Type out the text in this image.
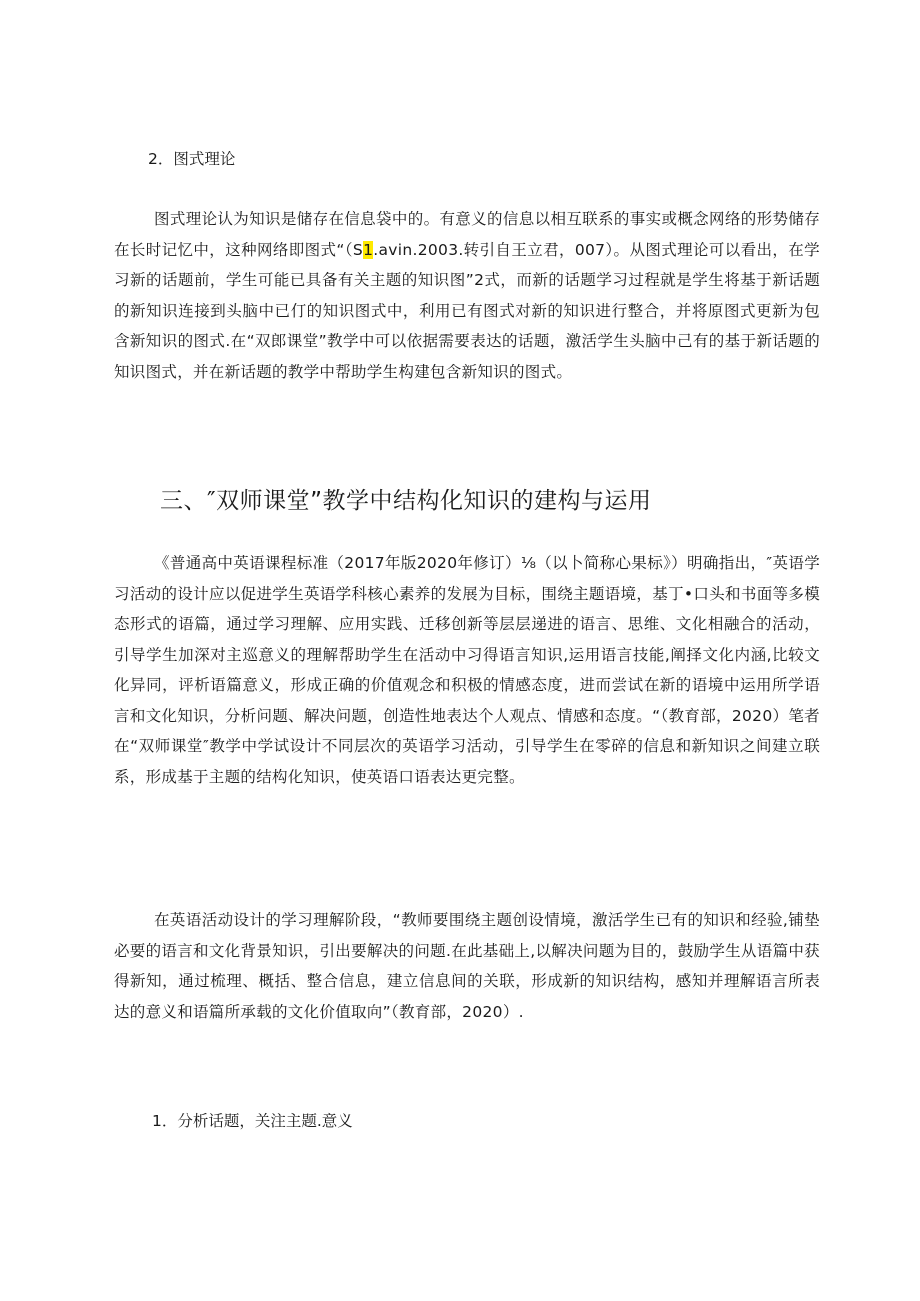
2．图式理论

图式理论认为知识是储存在信息袋中的。有意义的信息以相互联系的事实或概念网络的形势储存在长时记忆中，这种网络即图式“（S1.avin.2003.转引自王立君，007）。从图式理论可以看出，在学习新的话题前，学生可能已具备有关主题的知识图”2式，而新的话题学习过程就是学生将基于新话题的新知识连接到头脑中已仃的知识图式中，利用已有图式对新的知识进行整合，并将原图式更新为包含新知识的图式.在“双郎课堂”教学中可以依据需要表达的话题，激活学生头脑中己有的基于新话题的知识图式，并在新话题的教学中帮助学生构建包含新知识的图式。

三、″双师课堂”教学中结构化知识的建构与运用

《普通高中英语课程标准（2017年版2020年修订）⅛（以卜简称心果标》）明确指出，″英语学习活动的设计应以促进学生英语学科核心素养的发展为目标，围绕主题语境，基丁•口头和书面等多模态形式的语篇，通过学习理解、应用实践、迁移创新等层层递进的语言、思维、文化相融合的活动，引导学生加深对主巡意义的理解帮助学生在活动中习得语言知识,运用语言技能,阐择文化内涵,比较文化异同，评析语篇意义，形成正确的价值观念和积极的情感态度，进而尝试在新的语境中运用所学语言和文化知识，分析问题、解决问题，创造性地表达个人观点、情感和态度。“（教育部，2020）笔者在“双师课堂″教学中学试设计不同层次的英语学习活动，引导学生在零碎的信息和新知识之间建立联系，形成基于主题的结构化知识，使英语口语表达更完整。

在英语活动设计的学习理解阶段，“教师要围绕主题创设情境，激活学生已有的知识和经验,铺垫必要的语言和文化背景知识，引出要解决的问题.在此基础上,以解决问题为目的，鼓励学生从语篇中获得新知，通过梳理、概括、整合信息，建立信息间的关联，形成新的知识结构，感知并理解语言所表达的意义和语篇所承载的文化价值取向”（教育部，2020）.

1．分析话题，关注主题.意义
